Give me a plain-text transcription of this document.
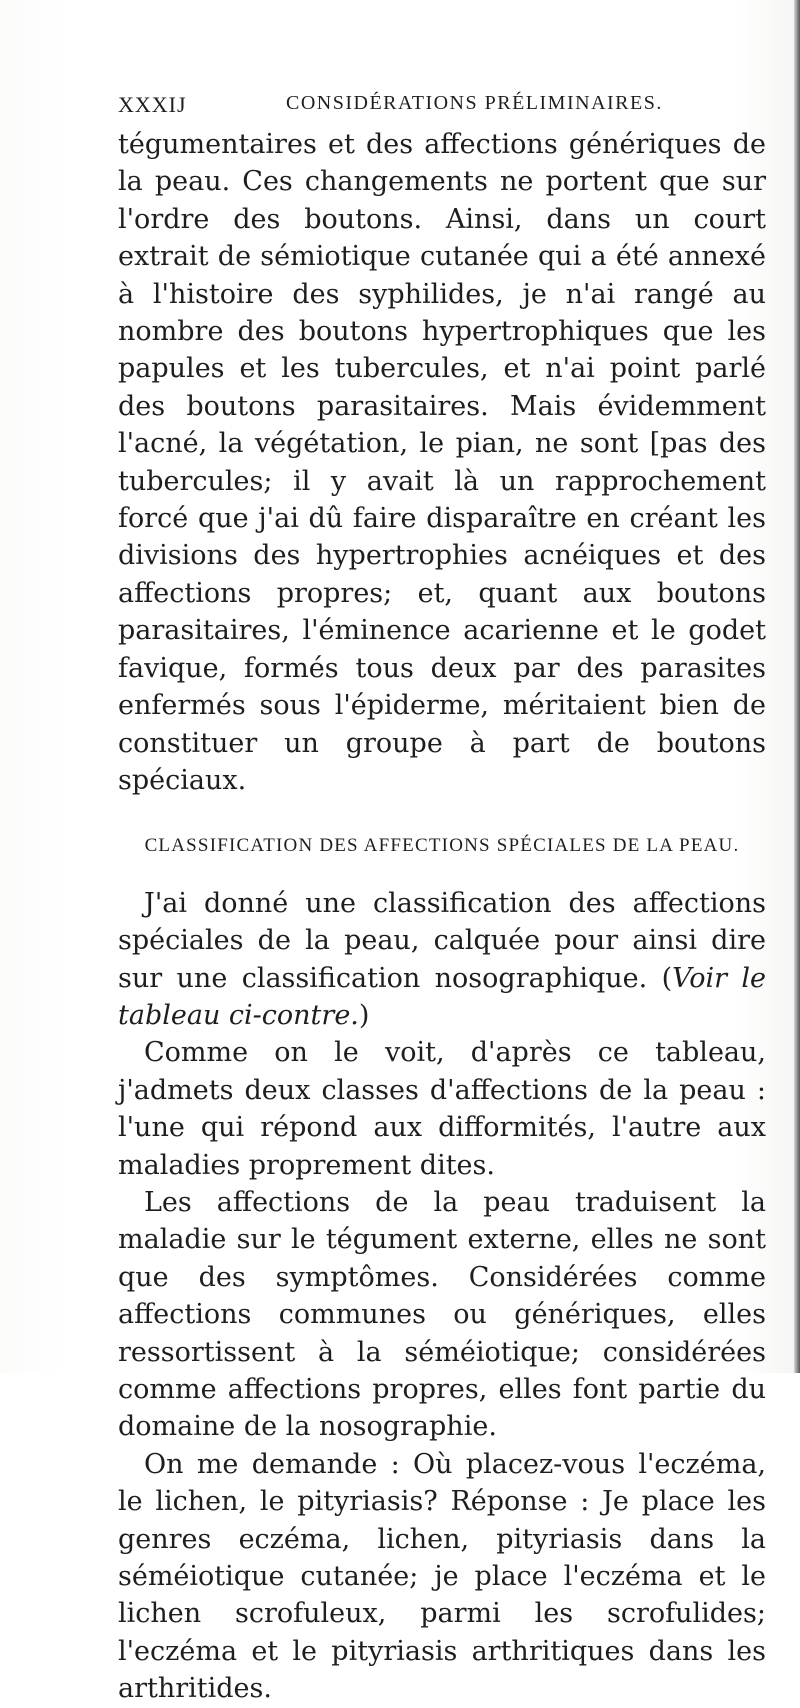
XXXIJ	CONSIDÉRATIONS PRÉLIMINAIRES.

tégumentaires et des affections génériques de la peau. Ces changements ne portent que sur l'ordre des boutons. Ainsi, dans un court extrait de sémiotique cutanée qui a été annexé à l'histoire des syphilides, je n'ai rangé au nombre des boutons hypertrophiques que les papules et les tubercules, et n'ai point parlé des boutons parasitaires. Mais évidemment l'acné, la végétation, le pian, ne sont [pas des tubercules; il y avait là un rapprochement forcé que j'ai dû faire disparaître en créant les divisions des hypertrophies acnéiques et des affections propres; et, quant aux boutons parasitaires, l'éminence acarienne et le godet favique, formés tous deux par des parasites enfermés sous l'épiderme, méritaient bien de constituer un groupe à part de boutons spéciaux.

CLASSIFICATION DES AFFECTIONS SPÉCIALES DE LA PEAU.

J'ai donné une classification des affections spéciales de la peau, calquée pour ainsi dire sur une classification nosographique. (Voir le tableau ci-contre.)

Comme on le voit, d'après ce tableau, j'admets deux classes d'affections de la peau : l'une qui répond aux difformités, l'autre aux maladies proprement dites.

Les affections de la peau traduisent la maladie sur le tégument externe, elles ne sont que des symptômes. Considérées comme affections communes ou génériques, elles ressortissent à la séméiotique; considérées comme affections propres, elles font partie du domaine de la nosographie.

On me demande : Où placez-vous l'eczéma, le lichen, le pityriasis? Réponse : Je place les genres eczéma, lichen, pityriasis dans la séméiotique cutanée; je place l'eczéma et le lichen scrofuleux, parmi les scrofulides; l'eczéma et le pityriasis arthritiques dans les arthritides.
